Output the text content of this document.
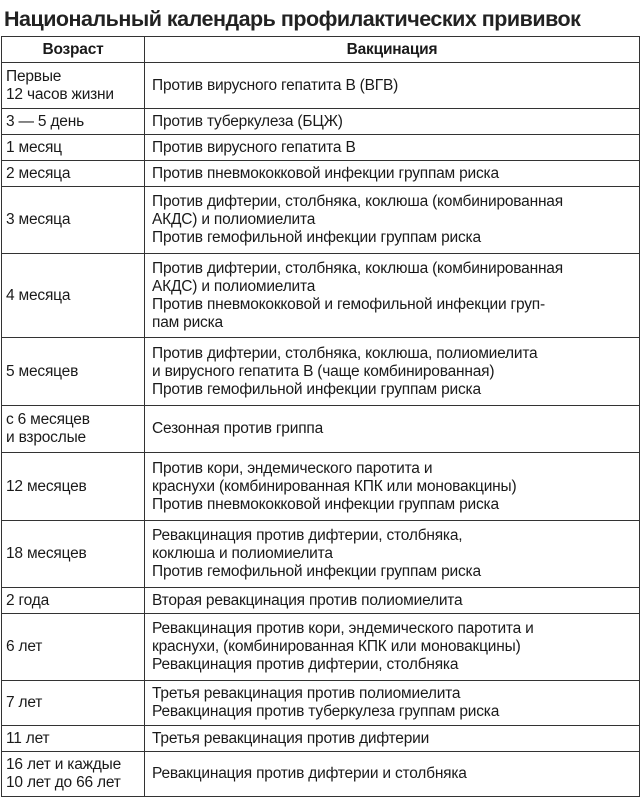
Национальный календарь профилактических прививок
Возраст	Вакцинация

Первые
12 часов жизни	Против вирусного гепатита В (ВГВ)

3 — 5 день	Против туберкулеза (БЦЖ)

1 месяц	Против вирусного гепатита В

2 месяца	Против пневмококковой инфекции группам риска

3 месяца	Против дифтерии, столбняка, коклюша (комбинированная
АКДС) и полиомиелита
Против гемофильной инфекции группам риска

4 месяца	Против дифтерии, столбняка, коклюша (комбинированная
АКДС) и полиомиелита
Против пневмококковой и гемофильной инфекции груп-
пам риска

5 месяцев	Против дифтерии, столбняка, коклюша, полиомиелита
и вирусного гепатита В (чаще комбинированная)
Против гемофильной инфекции группам риска

с 6 месяцев
и взрослые	Сезонная против гриппа

12 месяцев	Против кори, эндемического паротита и
краснухи (комбинированная КПК или моновакцины)
Против пневмококковой инфекции группам риска

18 месяцев	Ревакцинация против дифтерии, столбняка,
коклюша и полиомиелита
Против гемофильной инфекции группам риска

2 года	Вторая ревакцинация против полиомиелита

6 лет	Ревакцинация против кори, эндемического паротита и
краснухи, (комбинированная КПК или моновакцины)
Ревакцинация против дифтерии, столбняка

7 лет	Третья ревакцинация против полиомиелита
Ревакцинация против туберкулеза группам риска

11 лет	Третья ревакцинация против дифтерии

16 лет и каждые
10 лет до 66 лет	Ревакцинация против дифтерии и столбняка
